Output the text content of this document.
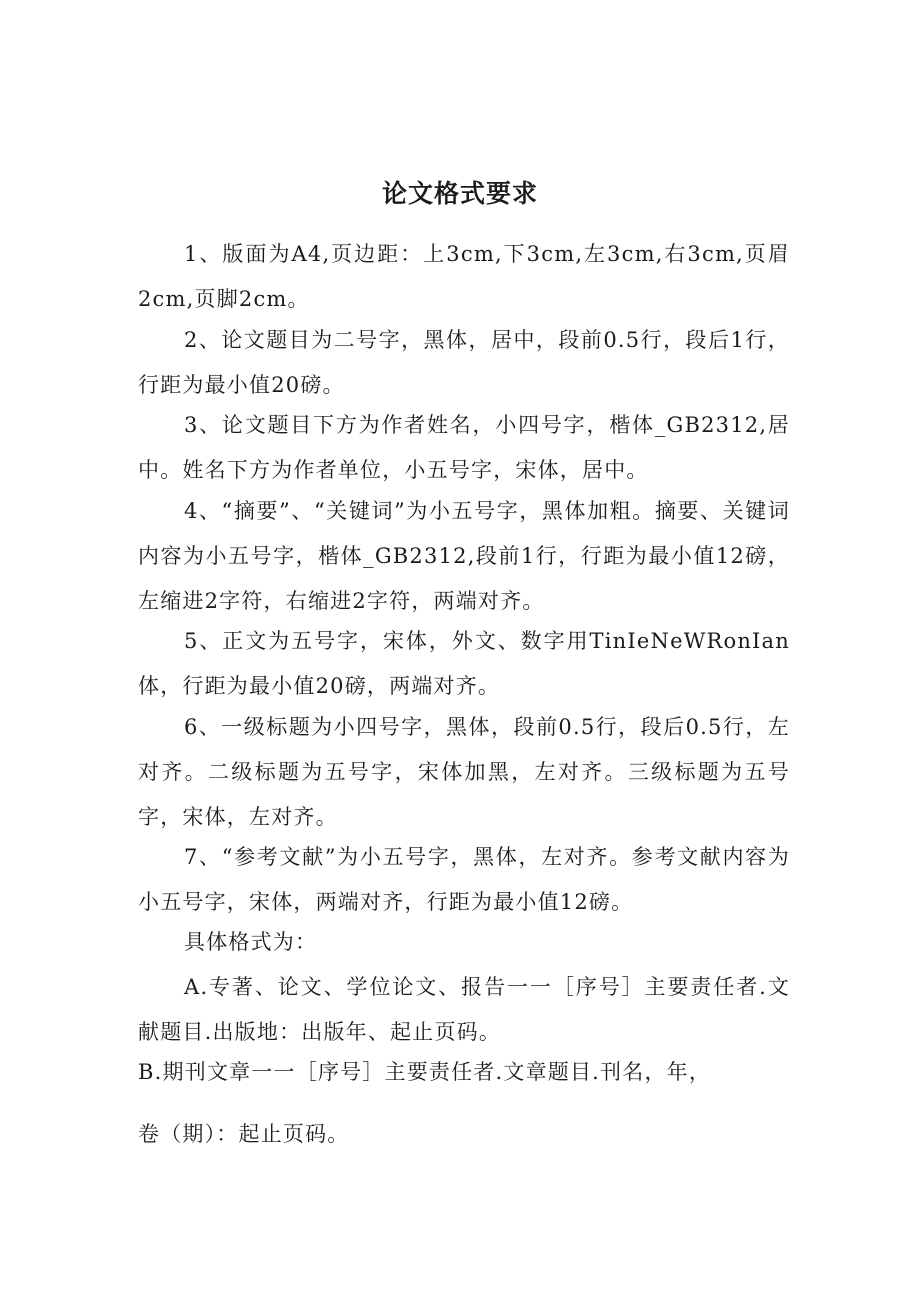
论文格式要求

1、版面为A4,页边距：上3cm,下3cm,左3cm,右3cm,页眉2cm,页脚2cm。

2、论文题目为二号字，黑体，居中，段前0.5行，段后1行，行距为最小值20磅。

3、论文题目下方为作者姓名，小四号字，楷体_GB2312,居中。姓名下方为作者单位，小五号字，宋体，居中。

4、“摘要”、“关键词”为小五号字，黑体加粗。摘要、关键词内容为小五号字，楷体_GB2312,段前1行，行距为最小值12磅，左缩进2字符，右缩进2字符，两端对齐。

5、正文为五号字，宋体，外文、数字用TinIeNeWRonIan体，行距为最小值20磅，两端对齐。

6、一级标题为小四号字，黑体，段前0.5行，段后0.5行，左对齐。二级标题为五号字，宋体加黑，左对齐。三级标题为五号字，宋体，左对齐。

7、“参考文献”为小五号字，黑体，左对齐。参考文献内容为小五号字，宋体，两端对齐，行距为最小值12磅。

具体格式为：

A.专著、论文、学位论文、报告一一［序号］主要责任者.文献题目.出版地：出版年、起止页码。

B.期刊文章一一［序号］主要责任者.文章题目.刊名，年，

卷（期）：起止页码。
